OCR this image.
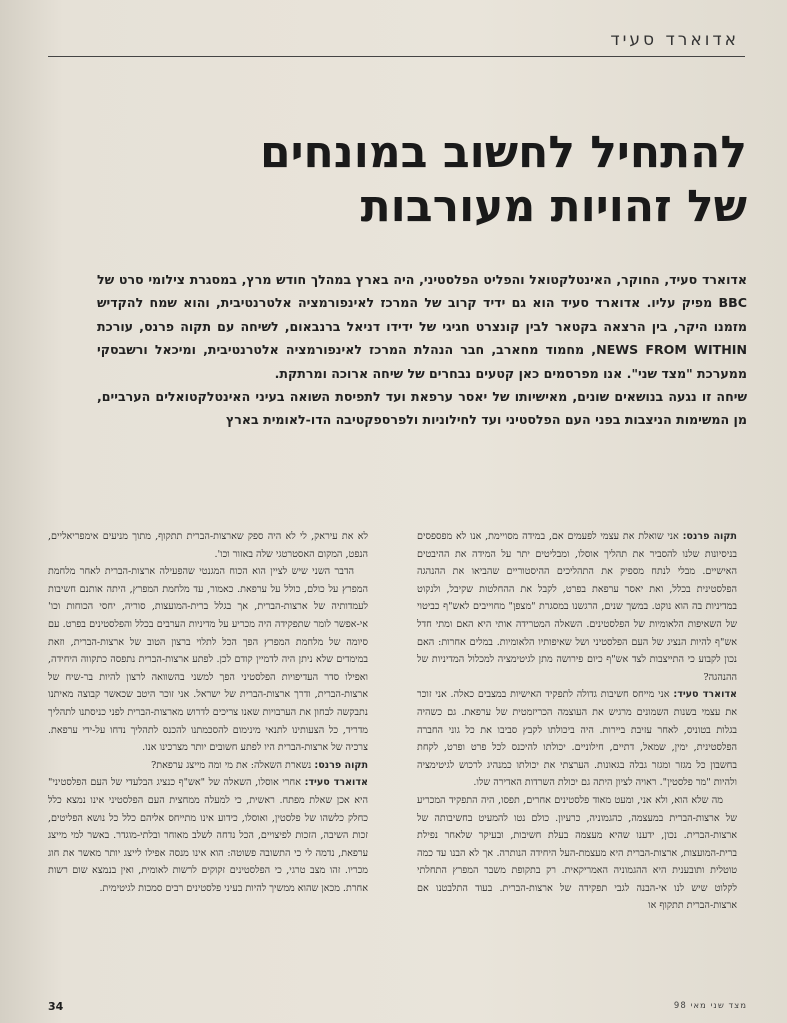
אדוארד סעיד
להתחיל לחשוב במונחים
של זהויות מעורבות

אדוארד סעיד, החוקר, האינטלקטואל והפליט הפלסטיני, היה בארץ במהלך חודש מרץ, במסגרת צילומי סרט של BBC מפיק עליו. אדוארד סעיד הוא גם ידיד קרוב של המרכז לאינפורמציה אלטרנטיבית, והוא שמח להקדיש מזמנו היקר, בין הרצאה בקטאר לבין קונצרט חגיגי של ידידו דניאל ברנבאום, לשיחה עם תקוה פרנס, עורכת NEWS FROM WITHIN, מחמוד מחארב, חבר הנהלת המרכז לאינפורמציה אלטרנטיבית, ומיכאל ורשבסקי ממערכת "מצד שני". אנו מפרסמים כאן קטעים נבחרים של שיחה ארוכה ומרתקת.

שיחה זו נגעה בנושאים שונים, מאישיותו של יאסר ערפאת ועד לתפיסת השואה בעיני האינטלקטואלים הערביים, מן המשימות הניצבות בפני העם הפלסטיני ועד לחילוניות ולפרספקטיבה הדו-לאומית בארץ

תקוה פרנס: אני שואלת את עצמי לפעמים אם, במידה מסויימת, אנו לא מפספסים בניסיונות שלנו להסביר את תהליך אוסלו, ומבליטים יתר על המידה את ההיבטים האישיים. מבלי לנתח מספיק את התהליכים ההיסטוריים שהביאו את ההנהגה הפלסטינית בכלל, ואת יאסר ערפאת בפרט, לקבל את ההחלטות שקיבל, ולנקוט במדיניות בה הוא נוקט. במשך שנים, הרגשנו במסגרת "מצפן" מחוייבים לאש"ף כביטוי של השאיפות הלאומיות של הפלסטינים. השאלה המטרידה אותי היא האם ומתי חדל אש"ף להיות הנציג של העם הפלסטיני ושל שאיפותיו הלאומיות. במלים אחרות: האם נכון לקבוע כי התייצבות לצד אש"ף כיום פירושה מתן לגיטימציה למכלול המדיניות של ההנהגה?

אדוארד סעיד: אני מייחס חשיבות גדולה לתפקיד האישיות במצבים כאלה. אני זוכר את עצמי בשנות השמונים מרגיש את העוצמה הכריזמטית של ערפאת. גם כשהיה בגלות בטוניס, לאחר עזיבת ביירות. היה ביכולתו לקבץ סביבו את כל גוני החברה הפלסטינית, ימין, שמאל, דתיים, חילוניים. יכולתו להיכנס לכל פרט ופרט, לקחת בחשבון כל מגזר ומגזר גבלה בגאונות. הערצתי את יכולתו כמנהיג לרכוש לגיטימציה ולהיות "מר פלסטין". ראויה לציון היתה גם יכולת השרדות האדירה שלו.

מה שלא הוא, ולא אני, ומעט מאוד פלסטינים אחרים, תפסו, היה התפקיד המכריע של ארצות-הברית במעצמה, כהגמוניה, כרעיון. כולם נטו להמעיט בחשיבותה של ארצות-הברית. נכון, ידענו שהיא מעצמה בעלת חשיבות, ובעיקר שלאחר נפילת ברית-המועצות, ארצות-הברית היא מעצמת-העל היחידה הנותרה. אך לא הבנו עד כמה טוטלית ותובענית היא ההגמוניה האמריקאית. רק בתקופת משבר המפרץ התחלתי לקלוט שיש לנו אי-הבנה לגבי תפקידה של ארצות-הברית. בעוד התלבטנו אם ארצות-הברית תתקוף או

לא את עיראק, לי לא היה ספק שארצות-הברית תתקוף, מתוך מניעים אימפריאליים, הנפט, המקום האסטרטגי שלה באזור וכו'.

הדבר השני שיש לציין הוא הכוח המגנטי שהפעילה ארצות-הברית לאחר מלחמת המפרץ על כולם, כולל על ערפאת. כאמור, עד מלחמת המפרץ, היתה אותנם חשיבות לעמדותיה של ארצות-הברית, אך בגלל ברית-המועצות, סוריה, יחסי הכוחות וכו' אי-אפשר לומר שתפקידה היה מכריע על מדיניות הערבים בכלל והפלסטינים בפרט. עם סיומה של מלחמת המפרץ הפך הכל לתלוי ברצון הטוב של ארצות-הברית, וזאת במימדים שלא ניתן היה לדמיין קודם לכן. לפתע ארצות-הברית נתפסה כתקווה היחידה, ואפילו סדר העדיפויות הפלסטיני הפך למשני בהשוואה לרצון להיות בר-שיח של ארצות-הברית, ודרך ארצות-הברית של ישראל. אני זוכר היטב שכאשר קבוצה מאיתנו נתבקשה לבחון את הערבויות שאנו צריכים לדרוש מארצות-הברית לפני כניסתנו לתהליך מדריד, כל הצעותינו לתנאי מינימום להסכמתנו להכנס לתהליך נדחו על-ידי ערפאת. צרכיה של ארצות-הברית היו לפתע חשובים יותר מצרכינו אנו.

תקוה פרנס: נשארת השאלה: את מי ומה מייצג ערפאת?

אדוארד סעיד: אחרי אוסלו, השאלה של "אש"ף כנציג הבלעדי של העם הפלסטיני" היא אכן שאלת מפתח. ראשית, כי למעלה ממחצית העם הפלסטיני אינו נמצא כלל כחלק כלשהו של פלסטין, ואוסלו, כידוע אינו מתייחס אליהם כלל כל נושא הפליטים, זכות השיבה, הזכות לפיצויים, הכל נדחה לשלב מאוחר ובלתי-מוגדר. באשר למי מייצג ערפאת, נדמה לי כי התשובה פשוטה: הוא אינו מנסה אפילו לייצג יותר מאשר את חוג מכריו. זהו מצב טרגי, כי הפלסטינים זקוקים לרשות לאומית, ואין בנמצא שום רשות אחרת. מכאן שהוא ממשיך להיות בעיני פלסטינים רבים סמכות לגיטימית.

34	מצד שני מאי 98
